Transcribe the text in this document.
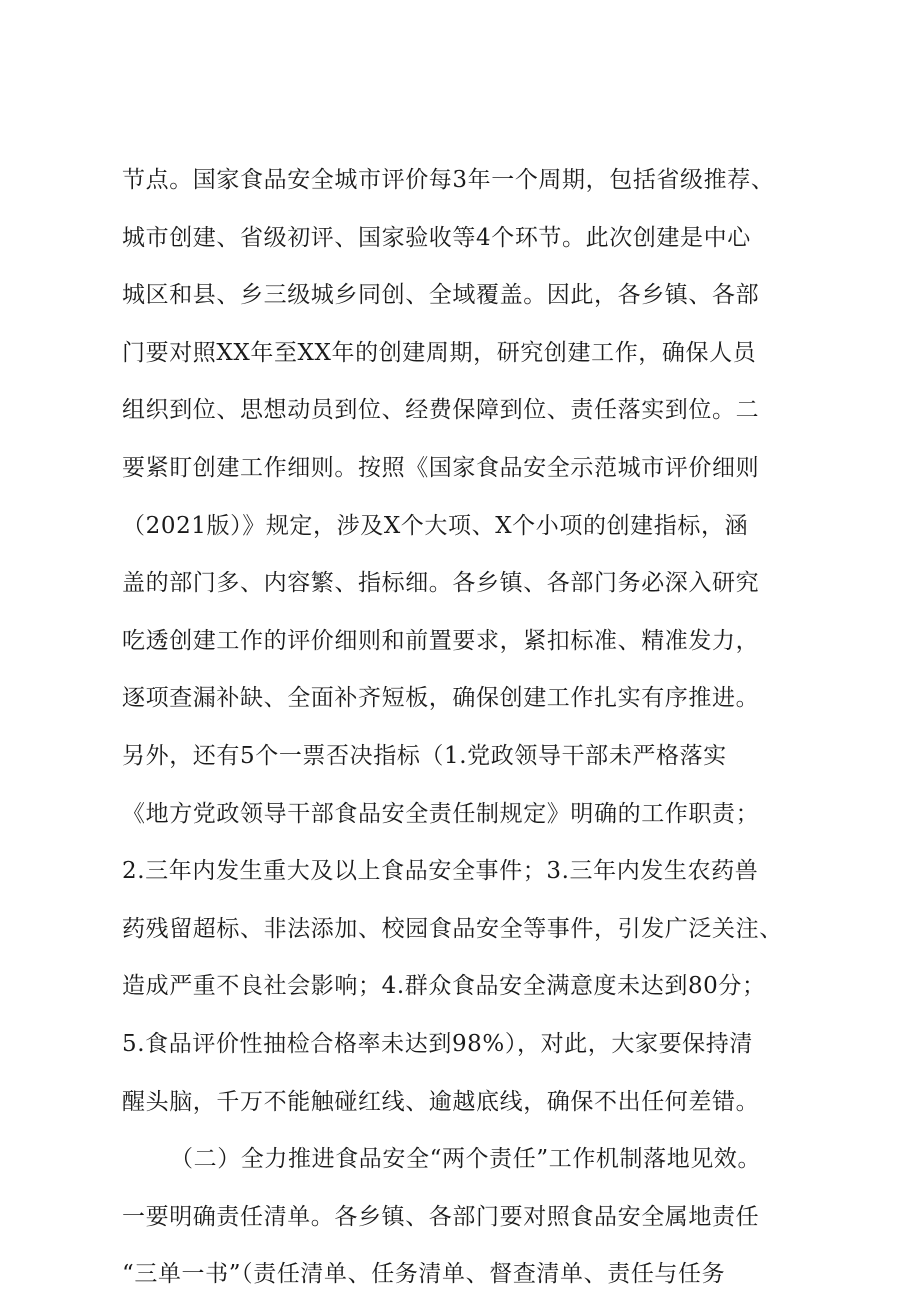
节点。国家食品安全城市评价每3年一个周期，包括省级推荐、
城市创建、省级初评、国家验收等4个环节。此次创建是中心
城区和县、乡三级城乡同创、全域覆盖。因此，各乡镇、各部
门要对照XX年至XX年的创建周期，研究创建工作，确保人员
组织到位、思想动员到位、经费保障到位、责任落实到位。二
要紧盯创建工作细则。按照《国家食品安全示范城市评价细则
（2021版）》规定，涉及X个大项、X个小项的创建指标，涵
盖的部门多、内容繁、指标细。各乡镇、各部门务必深入研究
吃透创建工作的评价细则和前置要求，紧扣标准、精准发力，
逐项查漏补缺、全面补齐短板，确保创建工作扎实有序推进。
另外，还有5个一票否决指标（1.党政领导干部未严格落实
《地方党政领导干部食品安全责任制规定》明确的工作职责；
2.三年内发生重大及以上食品安全事件；3.三年内发生农药兽
药残留超标、非法添加、校园食品安全等事件，引发广泛关注、
造成严重不良社会影响；4.群众食品安全满意度未达到80分；
5.食品评价性抽检合格率未达到98%），对此，大家要保持清
醒头脑，千万不能触碰红线、逾越底线，确保不出任何差错。
（二）全力推进食品安全“两个责任”工作机制落地见效。
一要明确责任清单。各乡镇、各部门要对照食品安全属地责任
“三单一书”（责任清单、任务清单、督查清单、责任与任务
